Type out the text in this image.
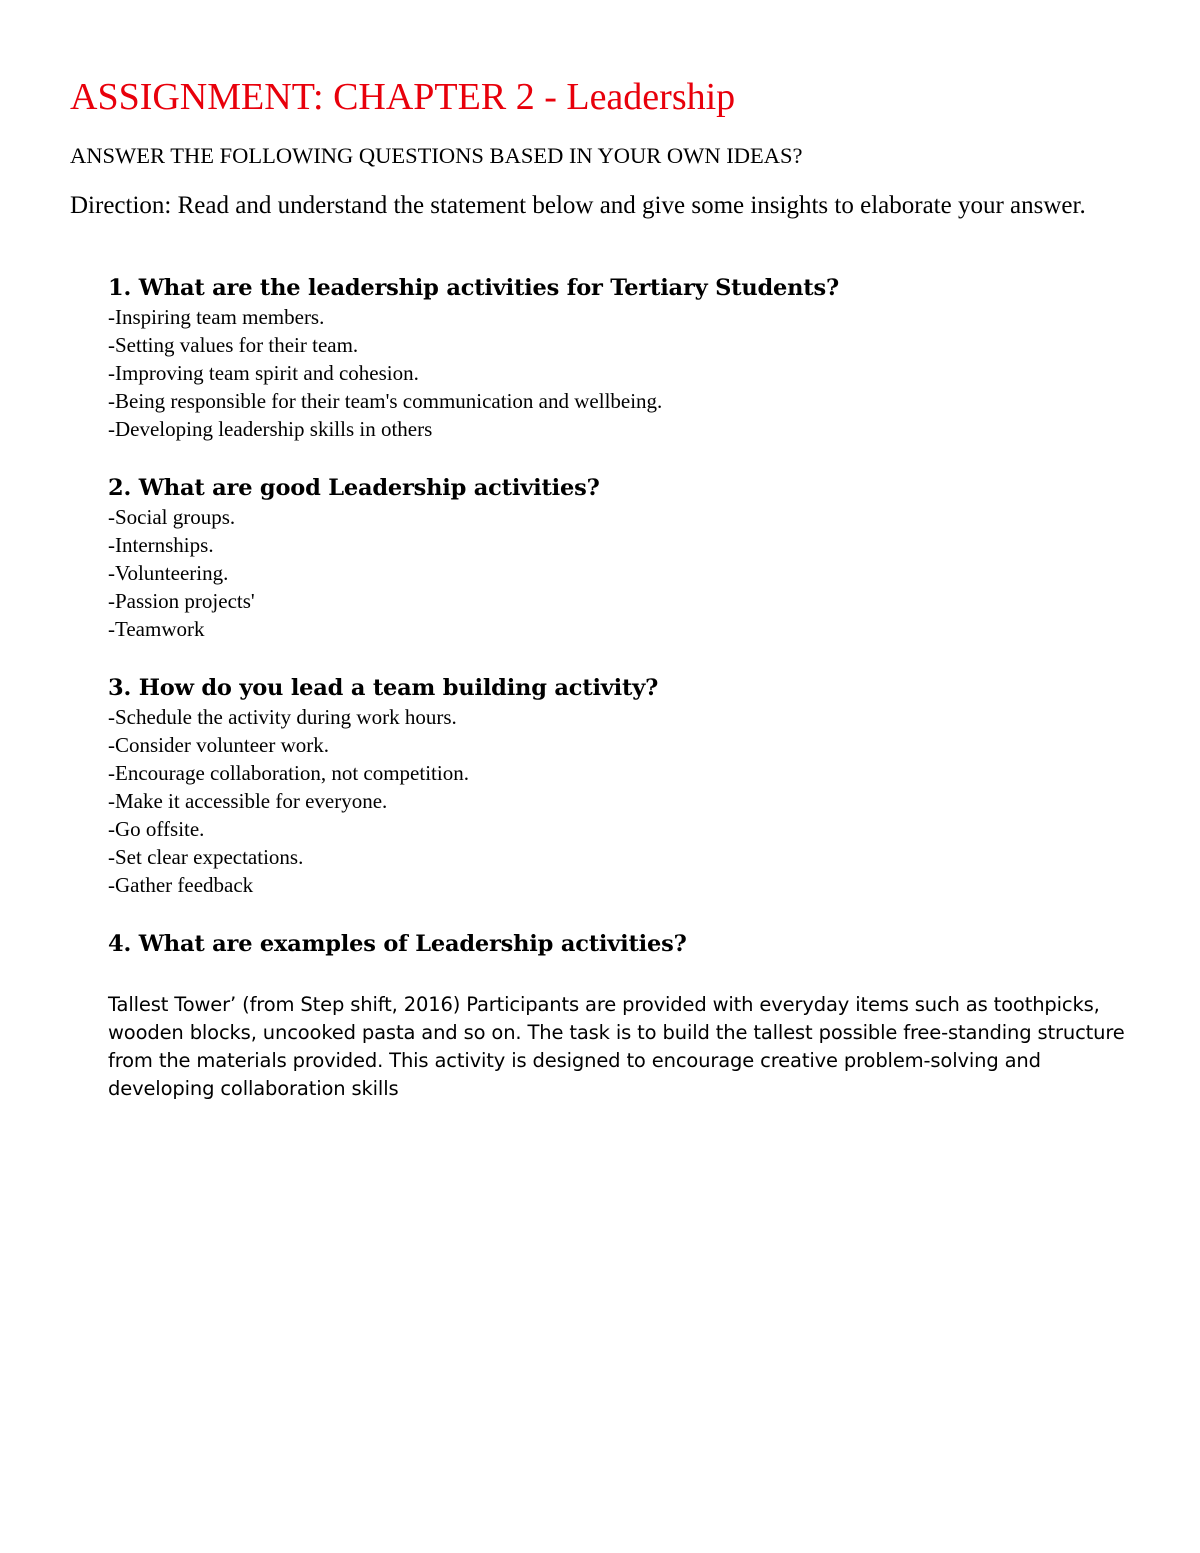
ASSIGNMENT: CHAPTER 2 - Leadership

ANSWER THE FOLLOWING QUESTIONS BASED IN YOUR OWN IDEAS?

Direction: Read and understand the statement below and give some insights to elaborate your answer.

1. What are the leadership activities for Tertiary Students?

-Inspiring team members.
-Setting values for their team.
-Improving team spirit and cohesion.
-Being responsible for their team's communication and wellbeing.
-Developing leadership skills in others

2. What are good Leadership activities?

-Social groups.
-Internships.
-Volunteering.
-Passion projects'
-Teamwork

3. How do you lead a team building activity?

-Schedule the activity during work hours.
-Consider volunteer work.
-Encourage collaboration, not competition.
-Make it accessible for everyone.
-Go offsite.
-Set clear expectations.
-Gather feedback

4. What are examples of Leadership activities?

Tallest Tower’ (from Step shift, 2016) Participants are provided with everyday items such as toothpicks, wooden blocks, uncooked pasta and so on. The task is to build the tallest possible free-standing structure from the materials provided. This activity is designed to encourage creative problem-solving and developing collaboration skills
